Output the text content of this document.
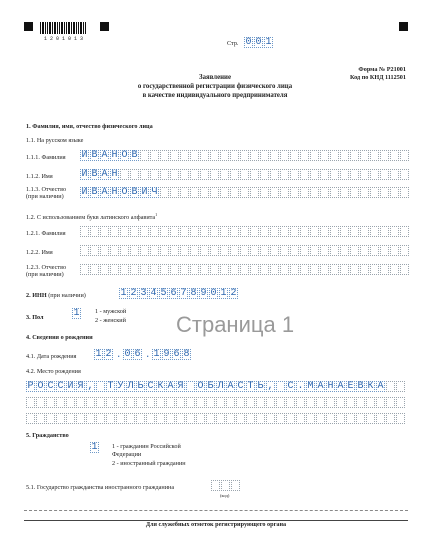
1 2 0 1 0 1 3
Стр. 0 0 1
Форма № Р21001
Код по КНД 1112501
Заявление
о государственной регистрации физического лица
в качестве индивидуального предпринимателя
1. Фамилия, имя, отчество физического лица
1.1. На русском языке
1.1.1. Фамилия И В А Н О В
1.1.2. Имя	И В А Н
1.1.3. Отчество
(при наличии) И В А Н О В И Ч
1.2. С использованием букв латинского алфавита$^1$
1.2.1. Фамилия
1.2.2. Имя
1.2.3. Отчество
(при наличии)
2. ИНН (при наличии)	1 2 3 4 5 6 7 8 9 0 1 2
3. Пол	1	1 - мужской
2 - женский Страница 1
4. Сведения о рождении
4.1. Дата рождения 1 2 . 0 6 . 1 9 6 8
4.2. Место рождения
Р О С С И Я , Т У Л Ь С К А Я О Б Л А С Т Ь , С . М А Н А Е В К А
5. Гражданство
1 1 - гражданин Российской
Федерации
2 - иностранный гражданин
5.1. Государство гражданства иностранного гражданина
(код)
Для служебных отметок регистрирующего органа
